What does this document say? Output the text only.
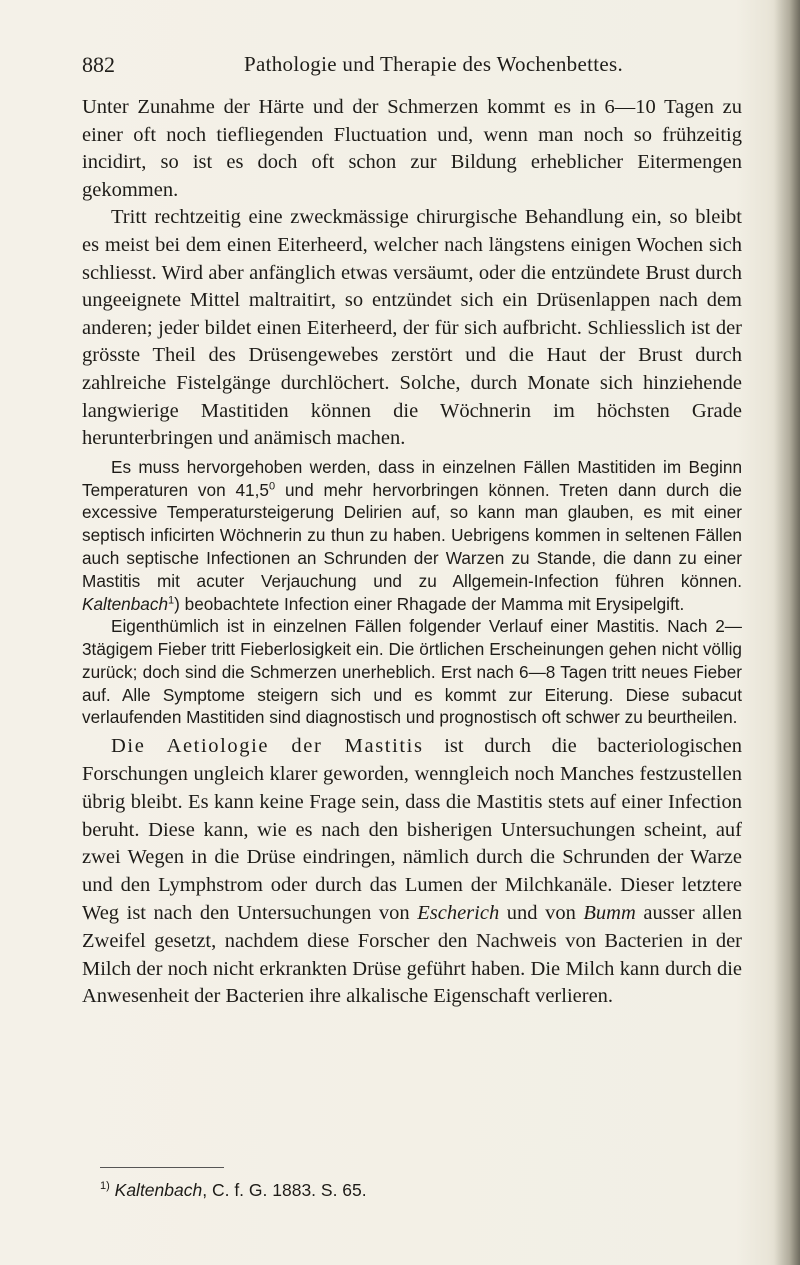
882	Pathologie und Therapie des Wochenbettes.

Unter Zunahme der Härte und der Schmerzen kommt es in 6—10 Tagen zu einer oft noch tiefliegenden Fluctuation und, wenn man noch so frühzeitig incidirt, so ist es doch oft schon zur Bildung erheblicher Eitermengen gekommen.

Tritt rechtzeitig eine zweckmässige chirurgische Behandlung ein, so bleibt es meist bei dem einen Eiterheerd, welcher nach längstens einigen Wochen sich schliesst. Wird aber anfänglich etwas versäumt, oder die entzündete Brust durch ungeeignete Mittel maltraitirt, so entzündet sich ein Drüsenlappen nach dem anderen; jeder bildet einen Eiterheerd, der für sich aufbricht. Schliesslich ist der grösste Theil des Drüsengewebes zerstört und die Haut der Brust durch zahlreiche Fistelgänge durchlöchert. Solche, durch Monate sich hinziehende langwierige Mastitiden können die Wöchnerin im höchsten Grade herunterbringen und anämisch machen.

Es muss hervorgehoben werden, dass in einzelnen Fällen Mastitiden im Beginn Temperaturen von 41,5$^0$ und mehr hervorbringen können. Treten dann durch die excessive Temperatursteigerung Delirien auf, so kann man glauben, es mit einer septisch inficirten Wöchnerin zu thun zu haben. Uebrigens kommen in seltenen Fällen auch septische Infectionen an Schrunden der Warzen zu Stande, die dann zu einer Mastitis mit acuter Verjauchung und zu Allgemein-Infection führen können. Kaltenbach$^1$) beobachtete Infection einer Rhagade der Mamma mit Erysipelgift.

Eigenthümlich ist in einzelnen Fällen folgender Verlauf einer Mastitis. Nach 2—3tägigem Fieber tritt Fieberlosigkeit ein. Die örtlichen Erscheinungen gehen nicht völlig zurück; doch sind die Schmerzen unerheblich. Erst nach 6—8 Tagen tritt neues Fieber auf. Alle Symptome steigern sich und es kommt zur Eiterung. Diese subacut verlaufenden Mastitiden sind diagnostisch und prognostisch oft schwer zu beurtheilen.

Die Aetiologie der Mastitis ist durch die bacteriologischen Forschungen ungleich klarer geworden, wenngleich noch Manches festzustellen übrig bleibt. Es kann keine Frage sein, dass die Mastitis stets auf einer Infection beruht. Diese kann, wie es nach den bisherigen Untersuchungen scheint, auf zwei Wegen in die Drüse eindringen, nämlich durch die Schrunden der Warze und den Lymphstrom oder durch das Lumen der Milchkanäle. Dieser letztere Weg ist nach den Untersuchungen von Escherich und von Bumm ausser allen Zweifel gesetzt, nachdem diese Forscher den Nachweis von Bacterien in der Milch der noch nicht erkrankten Drüse geführt haben. Die Milch kann durch die Anwesenheit der Bacterien ihre alkalische Eigenschaft verlieren.

$^{1)}$ Kaltenbach, C. f. G. 1883. S. 65.
